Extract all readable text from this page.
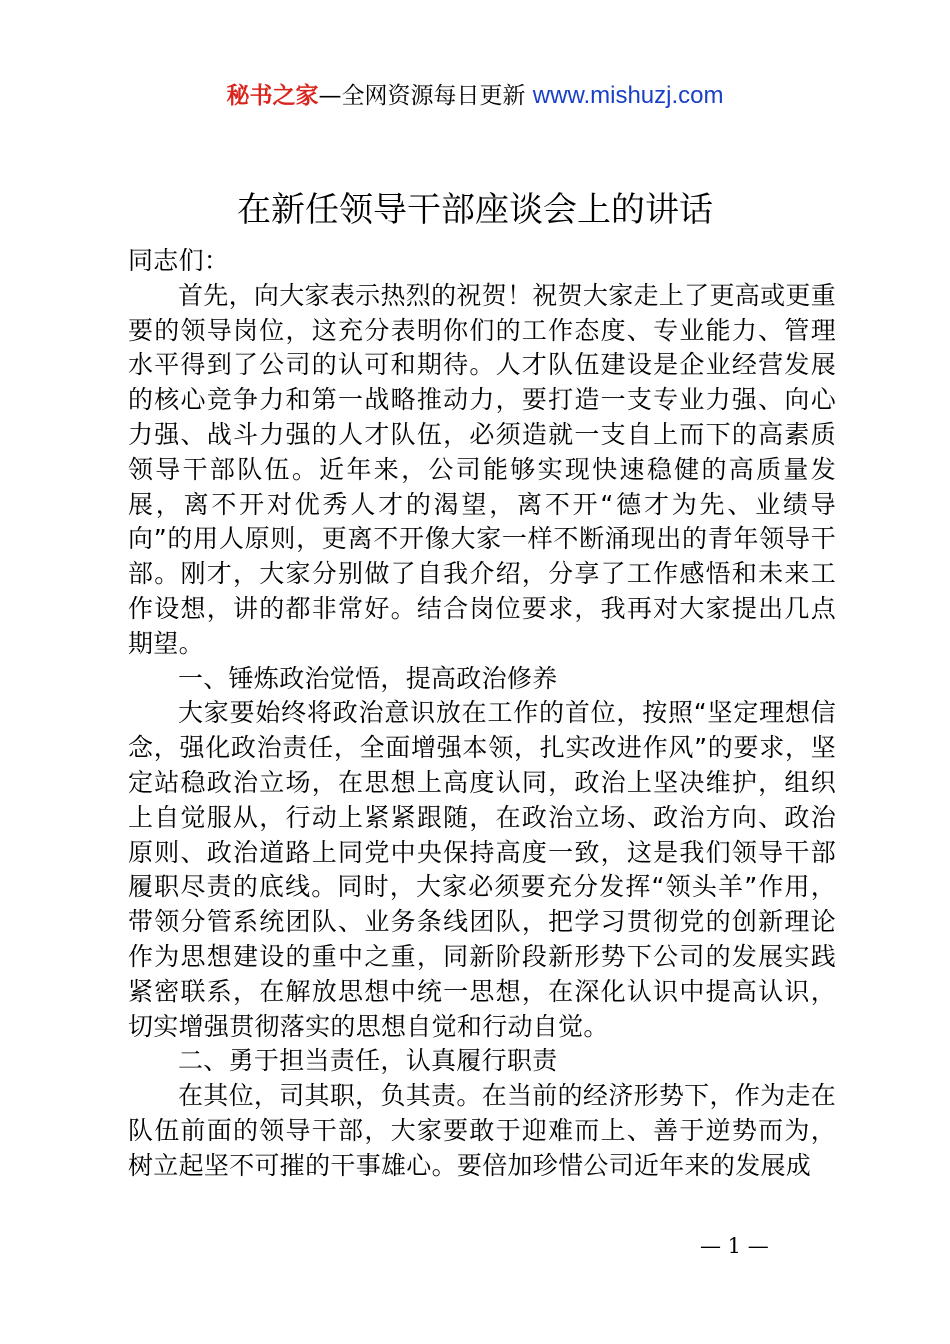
秘书之家—全网资源每日更新 www.mishuzj.com
在新任领导干部座谈会上的讲话

同志们：

首先，向大家表示热烈的祝贺！祝贺大家走上了更高或更重要的领导岗位，这充分表明你们的工作态度、专业能力、管理水平得到了公司的认可和期待。人才队伍建设是企业经营发展的核心竞争力和第一战略推动力，要打造一支专业力强、向心力强、战斗力强的人才队伍，必须造就一支自上而下的高素质领导干部队伍。近年来，公司能够实现快速稳健的高质量发展，离不开对优秀人才的渴望，离不开“德才为先、业绩导向”的用人原则，更离不开像大家一样不断涌现出的青年领导干部。刚才，大家分别做了自我介绍，分享了工作感悟和未来工作设想，讲的都非常好。结合岗位要求，我再对大家提出几点期望。

一、锤炼政治觉悟，提高政治修养

大家要始终将政治意识放在工作的首位，按照“坚定理想信念，强化政治责任，全面增强本领，扎实改进作风”的要求，坚定站稳政治立场，在思想上高度认同，政治上坚决维护，组织上自觉服从，行动上紧紧跟随，在政治立场、政治方向、政治原则、政治道路上同党中央保持高度一致，这是我们领导干部履职尽责的底线。同时，大家必须要充分发挥“领头羊”作用，带领分管系统团队、业务条线团队，把学习贯彻党的创新理论作为思想建设的重中之重，同新阶段新形势下公司的发展实践紧密联系，在解放思想中统一思想，在深化认识中提高认识，切实增强贯彻落实的思想自觉和行动自觉。

二、勇于担当责任，认真履行职责

在其位，司其职，负其责。在当前的经济形势下，作为走在队伍前面的领导干部，大家要敢于迎难而上、善于逆势而为，树立起坚不可摧的干事雄心。要倍加珍惜公司近年来的发展成

— 1 —
